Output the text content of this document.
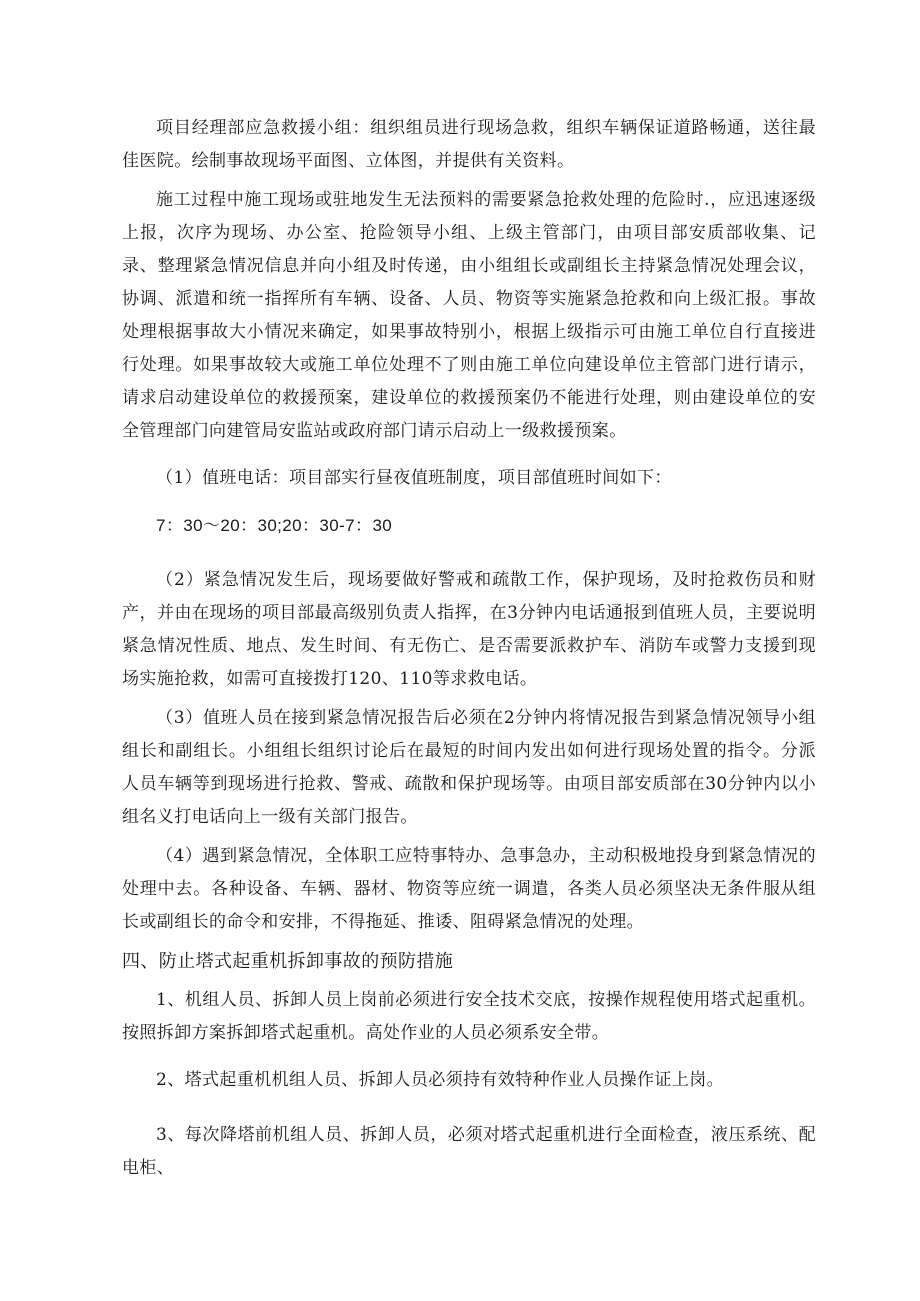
项目经理部应急救援小组：组织组员进行现场急救，组织车辆保证道路畅通，送往最佳医院。绘制事故现场平面图、立体图，并提供有关资料。

施工过程中施工现场或驻地发生无法预料的需要紧急抢救处理的危险时.，应迅速逐级上报，次序为现场、办公室、抢险领导小组、上级主管部门，由项目部安质部收集、记录、整理紧急情况信息并向小组及时传递，由小组组长或副组长主持紧急情况处理会议，协调、派遣和统一指挥所有车辆、设备、人员、物资等实施紧急抢救和向上级汇报。事故处理根据事故大小情况来确定，如果事故特别小，根据上级指示可由施工单位自行直接进行处理。如果事故较大或施工单位处理不了则由施工单位向建设单位主管部门进行请示，请求启动建设单位的救援预案，建设单位的救援预案仍不能进行处理，则由建设单位的安全管理部门向建管局安监站或政府部门请示启动上一级救援预案。

（1）值班电话：项目部实行昼夜值班制度，项目部值班时间如下：

7：30～20：30;20：30-7：30

（2）紧急情况发生后，现场要做好警戒和疏散工作，保护现场，及时抢救伤员和财产，并由在现场的项目部最高级别负责人指挥，在3分钟内电话通报到值班人员，主要说明紧急情况性质、地点、发生时间、有无伤亡、是否需要派救护车、消防车或警力支援到现场实施抢救，如需可直接拨打120、110等求救电话。

（3）值班人员在接到紧急情况报告后必须在2分钟内将情况报告到紧急情况领导小组组长和副组长。小组组长组织讨论后在最短的时间内发出如何进行现场处置的指令。分派人员车辆等到现场进行抢救、警戒、疏散和保护现场等。由项目部安质部在30分钟内以小组名义打电话向上一级有关部门报告。

（4）遇到紧急情况，全体职工应特事特办、急事急办，主动积极地投身到紧急情况的处理中去。各种设备、车辆、器材、物资等应统一调遣，各类人员必须坚决无条件服从组长或副组长的命令和安排，不得拖延、推诿、阻碍紧急情况的处理。

四、防止塔式起重机拆卸事故的预防措施

1、机组人员、拆卸人员上岗前必须进行安全技术交底，按操作规程使用塔式起重机。按照拆卸方案拆卸塔式起重机。高处作业的人员必须系安全带。

2、塔式起重机机组人员、拆卸人员必须持有效特种作业人员操作证上岗。

3、每次降塔前机组人员、拆卸人员，必须对塔式起重机进行全面检查，液压系统、配电柜、
